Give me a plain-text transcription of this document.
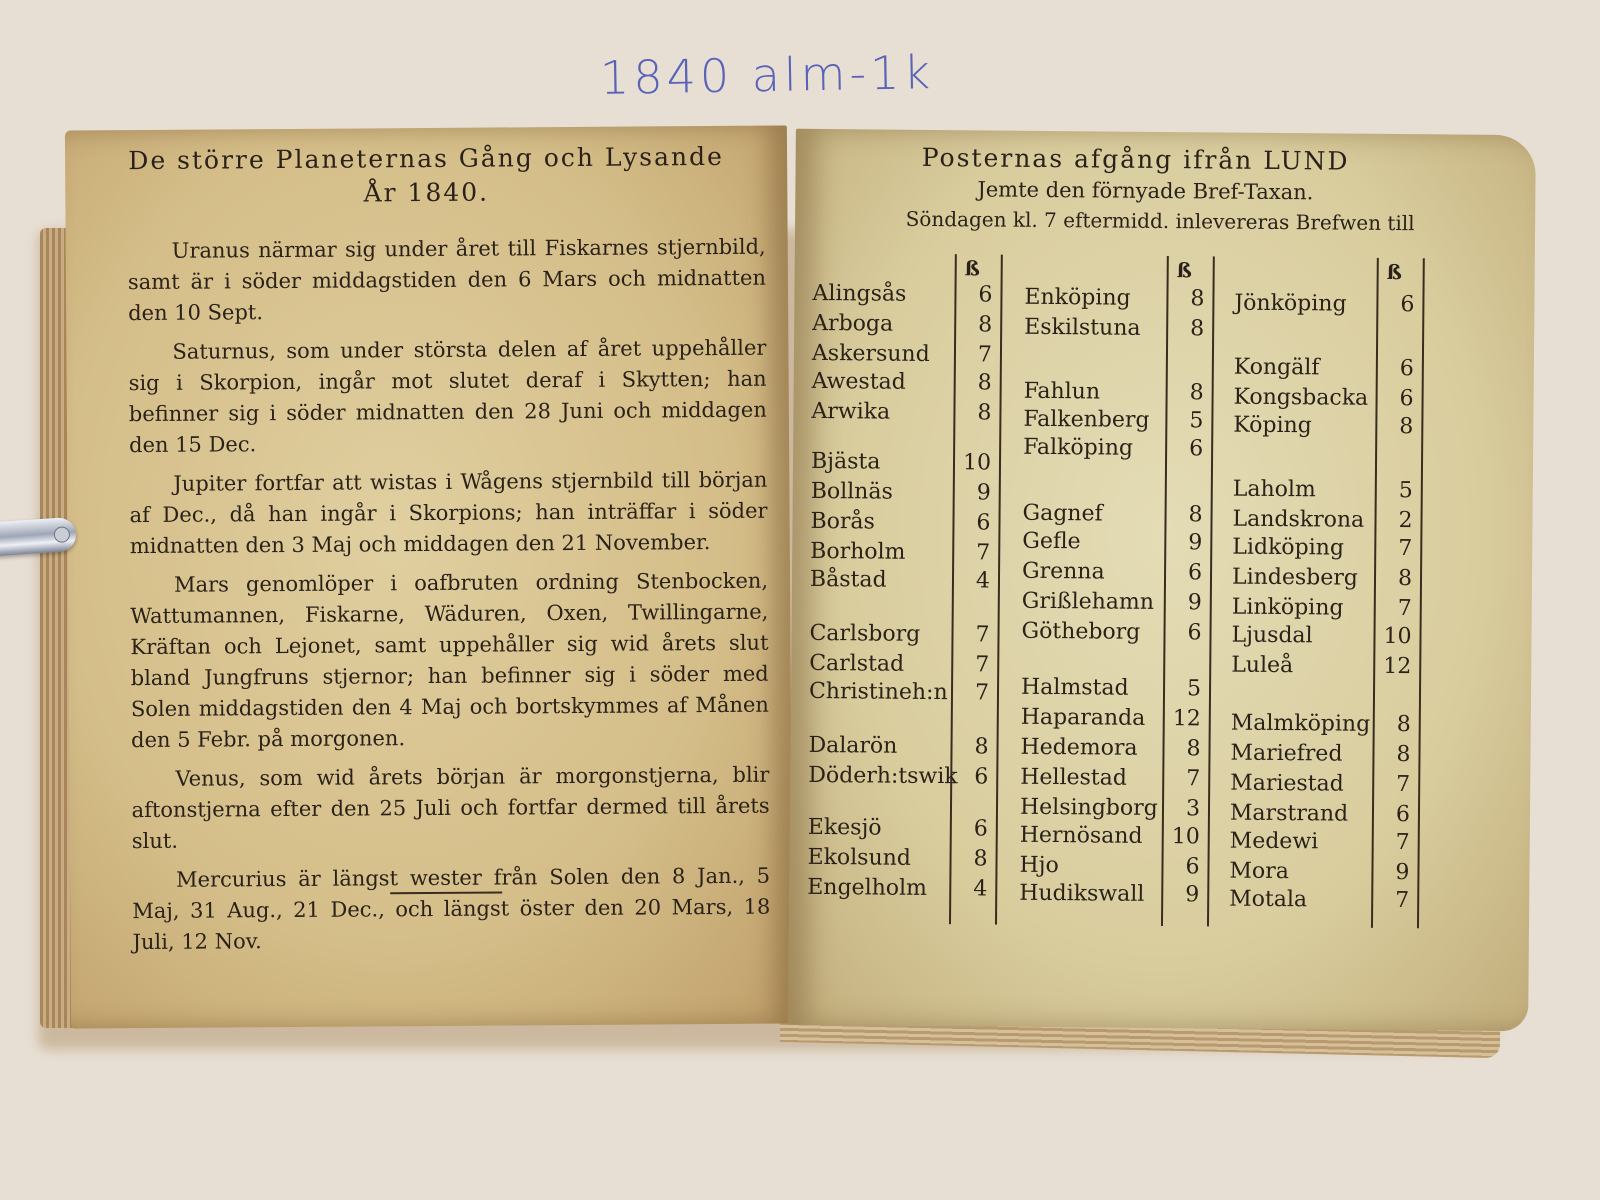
1840 alm-1k
De större Planeternas Gång och Lysande
År 1840.

Uranus närmar sig under året till Fiskarnes stjernbild, samt är i söder middagstiden den 6 Mars och midnatten den 10 Sept.

Saturnus, som under största delen af året uppehåller sig i Skorpion, ingår mot slutet deraf i Skytten; han befinner sig i söder midnatten den 28 Juni och middagen den 15 Dec.

Jupiter fortfar att wistas i Wågens stjernbild till början af Dec., då han ingår i Skorpions; han inträffar i söder midnatten den 3 Maj och middagen den 21 November.

Mars genomlöper i oafbruten ordning Stenbocken, Wattumannen, Fiskarne, Wäduren, Oxen, Twillingarne, Kräftan och Lejonet, samt uppehåller sig wid årets slut bland Jungfruns stjernor; han befinner sig i söder med Solen middagstiden den 4 Maj och bortskymmes af Månen den 5 Febr. på morgonen.

Venus, som wid årets början är morgonstjerna, blir aftonstjerna efter den 25 Juli och fortfar dermed till årets slut.

Mercurius är längst wester från Solen den 8 Jan., 5 Maj, 31 Aug., 21 Dec., och längst öster den 20 Mars, 18 Juli, 12 Nov.

Posternas afgång ifrån LUND
Jemte den förnyade Bref-Taxan.
Söndagen kl. 7 eftermidd. inlevereras Brefwen till
ß
Alingsås	6
Arboga	8
Askersund	7
Awestad	8
Arwika	8
Bjästa	10
Bollnäs	9
Borås	6
Borholm	7
Båstad	4
Carlsborg	7
Carlstad	7
Christineh:n	7
Dalarön	8
Döderh:tswik 6
Ekesjö	6
Ekolsund	8
Engelholm	4
ß
Enköping	8
Eskilstuna	8
Fahlun	8
Falkenberg	5
Falköping	6
Gagnef	8
Gefle	9
Grenna	6
Grißlehamn	9
Götheborg	6
Halmstad	5
Haparanda	12
Hedemora	8
Hellestad	7
Helsingborg	3
Hernösand	10
Hjo	6
Hudikswall	9
ß
Jönköping	6
Kongälf	6
Kongsbacka	6
Köping	8
Laholm	5
Landskrona	2
Lidköping	7
Lindesberg	8
Linköping	7
Ljusdal	10
Luleå	12
Malmköping	8
Mariefred	8
Mariestad	7
Marstrand	6
Medewi	7
Mora	9
Motala	7
